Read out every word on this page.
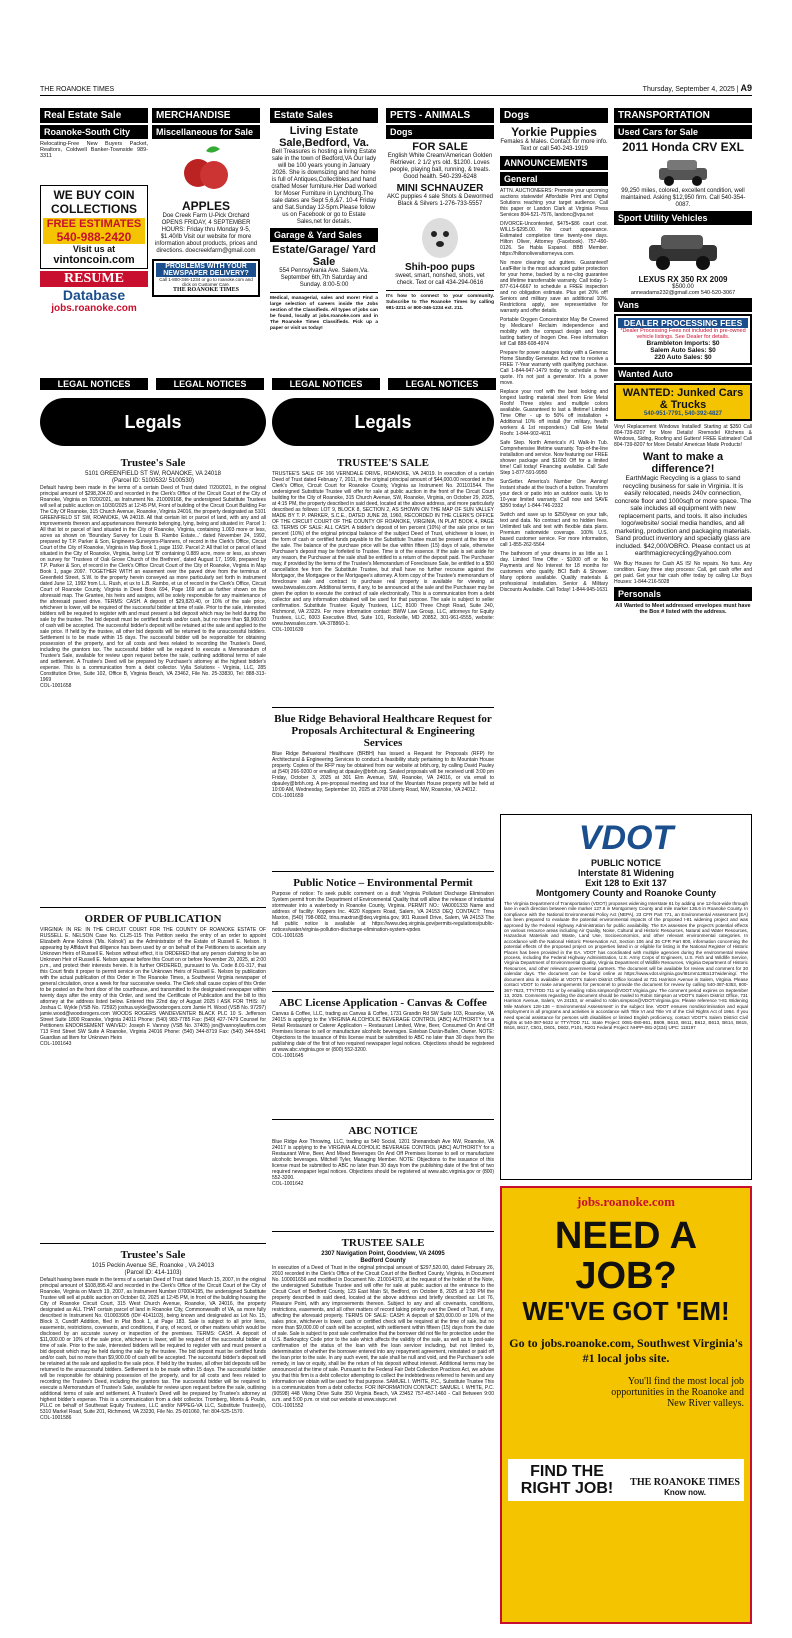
THE ROANOKE TIMES	Thursday, September 4, 2025 | A9
Real Estate Sale
Roanoke-South City
Relocating-Free New Buyers Packet, Realtors, Coldwell Banker-Townside 989-3311
WE BUY COIN
COLLECTIONS
FREE ESTIMATES
540-988-2420
Visit us at
vintoncoin.com
RESUME
Database
jobs.roanoke.com
MERCHANDISE
Miscellaneous for Sale
APPLES
Doe Creek Farm U-Pick Orchard OPENS FRIDAY, 4 SEPTEMBER HOURS: Friday thru Monday 9-5, $1.40/lb Visit our website for more information about products, prices and directions. doecreekfarm@gmail.com
PROBLEMS WITH YOUR NEWSPAPER DELIVERY?
Call 1-800-346-1234 or go to roanoke.com and click on Customer Care.
THE ROANOKE TIMES
Estate Sales
Living Estate Sale,Bedford, Va.
Bell Treasures is hosting a living Estate sale in the town of Bedford,VA Our lady will be 100 years young in January 2026. She is downsizing and her home is full of Antiques,Collectibles,and hand crafted Moser furniture.Her Dad worked for Moser Furniture in Lynchburg.The sale dates are Sept 5,6,&7. 10-4 Friday and Sat.Sunday 12-5pm.Please follow us on Facebook or go to Estate Sales,net for details.
Garage & Yard Sales
Estate/Garage/ Yard Sale
554 Pennsylvania Ave. Salem,Va. September 6th,7th Saturday and Sunday. 8:00-5:00
Medical, managerial, sales and more! Find a large selection of careers inside the Jobs section of the Classifieds. All types of jobs can be found, locally at jobs.roanoke.com and in The Roanoke Times Classifieds. Pick up a paper or visit us today!
PETS - ANIMALS
Dogs
FOR SALE
English White Cream/American Golden Retriever. 2 1/2 yrs old. $1200. Loves people, playing ball, running, & treats. Good health. 540-239-6248
MINI SCHNAUZER
AKC puppies 4 sale Shots & Dewormed Black & Silvers 1-276-733-5557
Shih-poo pups
sweet, smart, nonshed, shots, vet check. Text or call 434-294-0616
It's how to connect to your community. Subscribe to The Roanoke Times by calling 981-3211 or 800-346-1234 ext. 211.
Dogs
Yorkie Puppies
Females & Males. Contact for more info. Text or call 540-243-1919
ANNOUNCEMENTS
General

ATTN. AUCTIONEERS: Promote your upcoming auctions statewide! Affordable Print and Digital Solutions reaching your target audience. Call this paper or Landon Clark at Virginia Press Services 804-521-7576, landonc@vpa.net

DIVORCE-Uncontested, $475+$86 court cost. WILLS-$295.00. No court appearance. Estimated completion time twenty-one days. Hilton Oliver, Attorney (Facebook). 757-490-0126. Se Habla Espanol. BBB Member. https://hiltonoliverattorneyva.com.

No more cleaning out gutters. Guaranteed! LeafFilter is the most advanced gutter protection for your home, backed by a no-clog guarantee and lifetime transferrable warranty. Call today 1-877-614-6667 to schedule a FREE inspection and no obligation estimate. Plus get 20% off! Seniors and military save an additional 10%. Restrictions apply, see representative for warranty and offer details.

Portable Oxygen Concentrator May Be Covered by Medicare! Reclaim independence and mobility with the compact design and long-lasting battery of Inogen One. Free information kit! Call 888-608-4974

Prepare for power outages today with a Generac Home Standby Generator. Act now to receive a FREE 7-Year warranty with qualifying purchase. Call 1-844-947-1479 today to schedule a free quote. It's not just a generator. It's a power move.

Replace your roof with the best looking and longest lasting material steel from Erie Metal Roofs! Three styles and multiple colors available. Guaranteed to last a lifetime! Limited Time Offer - up to 50% off installation + Additional 10% off install (for military, health workers & 1st responders.) Call Erie Metal Roofs: 1-844-902-4611

Safe Step. North America's #1 Walk-In Tub. Comprehensive lifetime warranty. Top-of-the-line installation and service. Now featuring our FREE shower package and $1600 Off for a limited time! Call today! Financing available. Call Safe Step 1-877-591-9950

SunSetter. America's Number One Awning! Instant shade at the touch of a button. Transform your deck or patio into an outdoor oasis. Up to 10-year limited warranty. Call now and SAVE $350 today! 1-844-746-2332

Switch and save up to $250/year on your talk, text and data. No contract and no hidden fees. Unlimited talk and text with flexible data plans. Premium nationwide coverage. 100% U.S. based customer service. For more information, call 1-855-262-5564

The bathroom of your dreams in as little as 1 day. Limited Time Offer - $1000 off or No Payments and No Interest for 18 months for customers who qualify. BCI Bath & Shower. Many options available. Quality materials & professional installation. Senior & Military Discounts Available. Call Today! 1-844-945-1631

TRANSPORTATION
Used Cars for Sale
2011 Honda CRV EXL
99,250 miles, colored, excellent condition, well maintained. Asking $12,950 firm. Call 540-354-0087.
Sport Utility Vehicles
LEXUS RX 350 RX 2009
$500.00
anneadams232@gmail.com 540-520-3067
Vans
DEALER PROCESSING FEES
*Dealer Processing Fees not included in pre-owned vehicle listings. See Dealer for details.
Brambleton Imports: $0
Salem Auto Sales: $0
220 Auto Sales: $0
Wanted Auto
WANTED: Junked Cars & Trucks
540-951-7791, 540-392-4827

Vinyl Replacement Windows Installed! Starting at $350 Call 804-739-8207 for More Details! Rremodel Kitchens & Windows, Siding, Roofing and Gutters! FREE Estimates! Call 804-739-8207 for More Details! American Made Products!

Want to make a difference?!
EarthMagic Recycling is a glass to sand recycling business for sale in Virginia. It is easily relocated, needs 240v connection, concrete floor and 1000sqft or more space. The sale includes all equipment with new replacement parts, and tools. It also includes logo/website/ social media handles, and all marketing, production and packaging materials. Sand product inventory and specialty glass are included. $42,000/OBRO. Please contact us at earthmagicrecycling@yahoo.com

We Buy Houses for Cash AS IS! No repairs. No fuss. Any condition. Easy three step process: Call, get cash offer and get paid. Get your fair cash offer today by calling Liz Buys Houses: 1-844-216-5028

Personals
All Wanted to Meet addressed envelopes must have the Box # listed with the address.
LEGAL NOTICES	LEGAL NOTICES	LEGAL NOTICES	LEGAL NOTICES
Legals	Legals
Trustee's Sale
5101 GREENFIELD ST SW, ROANOKE, VA 24018
(Parcel ID: 5100532/ 5100530)

Default having been made in the terms of a certain Deed of Trust dated 7/20/2021, in the original principal amount of $298,204.00 and recorded in the Clerk's Office of the Circuit Court of the City of Roanoke, Virginia on 7/20/2021, as Instrument No. 210009168, the undersigned Substitute Trustees will sell at public auction on 10/30/2025 at 12:45 PM, Front of building of the Circuit Court Building For The City Of Roanoke, 315 Church Avenue, Roanoke, Virginia 24016, the property designated as 5101 GREENFIELD ST SW, ROANOKE, VA 24018. All that certain lot or parcel of land, with any and all improvements thereon and appurtenances thereunto belonging, lying, being and situated in: Parcel 1: All that lot or parcel of land situated in the City of Roanoke, Virginia, containing 1.003 more or less, acres as shown on 'Boundary Survey for Louis B. Rambo Estate...' dated November 24, 1992, prepared by T.P. Parker & Son, Engineers-Surveyors-Planners, of record in the Clerk's Office, Circuit Court of the City of Roanoke, Virginia in Map Book 1, page 1192. Parcel 2: All that lot or parcel of land situated in the City of Roanoke, Virginia, being Lot 'B' containing 0.889 acre, more or less, as shown on survey for 'Trustees of Oak Grove Church of the Brethren', dated August 17, 1999, prepared by T.P. Parker & Son, of record in the Clerk's Office Circuit Court of the City of Roanoke, Virginia in Map Book 1, page 2097. TOGETHER WITH an easement over the paved drive from the terminus of Greenfield Street, S.W. to the property herein conveyed as more particularly set forth in instrument dated June 12, 1992 from L.L. Rush, et ux to L.B. Rambo, et ux of record in the Clerk's Office, Circuit Court of Roanoke County, Virginia in Deed Book 694, Page 169 and as further shown on the aforesaid map. The Grantee, his heirs and assigns, will be solely responsible for any maintenance of the aforesaid paved drive. TERMS: CASH. A deposit of $29,820.40, or 10% of the sale price, whichever is lower, will be required of the successful bidder at time of sale. Prior to the sale, interested bidders will be required to register with and must present a bid deposit which may be held during the sale by the trustee. The bid deposit must be certified funds and/or cash, but no more than $9,900.00 of cash will be accepted. The successful bidder's deposit will be retained at the sale and applied to the sale price. If held by the trustee, all other bid deposits will be returned to the unsuccessful bidders. Settlement is to be made within 15 days. The successful bidder will be responsible for obtaining possession of the property, and for all costs and fees related to recording the Trustee's Deed, including the grantors tax. The successful bidder will be required to execute a Memorandum of Trustee's Sale, available for review upon request before the sale, outlining additional terms of sale and settlement. A Trustee's Deed will be prepared by Purchaser's attorney at the highest bidder's expense. This is a communication from a debt collector. Vylla Solutions - Virginia, LLC, 285 Constitution Drive, Suite 102, Office B, Virginia Beach, VA 23462, File No. 25-33830, Tel: 888-313-1969

COL-1001658

ORDER OF PUBLICATION

VIRGINIA: IN RE: IN THE CIRCUIT COURT FOR THE COUNTY OF ROANOKE ESTATE OF RUSSELL E. NELSON Case No. CL25-115 This Petition seeks the entry of an order to appoint Elizabeth Anne Kolnok ('Ms. Kolnok') as the Administrator of the Estate of Russell E. Nelson. It appearing by Affidavit that diligence has been used by or on behalf of the Petitioners to ascertain any Unknown Heirs of Russell E. Nelson without effect, it is ORDERED that any person claiming to be an Unknown Heir of Russell E. Nelson appear before this Court on or before November 20, 2025, at 2:00 p.m., and protect their interests herein. It is further ORDERED, pursuant to Va. Code 8.01-317, that this Court finds it proper to permit service on the Unknown Heirs of Russell E. Nelson by publication with the actual publication of this Order in The Roanoke Times, a Southwest Virginia newspaper of general circulation, once a week for four successive weeks. The Clerk shall cause copies of this Order to be posted on the front door of the courthouse, and transmitted to the designated newspaper within twenty days after the entry of this Order, and send the Certificate of Publication and the bill to this attorney at the address listed below. Entered this 22nd day of August 2025 I ASK FOR THIS: /s/ Joshua C. Wykle (VSB No. 72592) joshua.wykle@woodsrogers.com Jamie H. Wood (VSB No. 97297) jamie.wood@woodsrogers.com WOODS ROGERS VANDEVENTER BLACK PLC 10 S. Jefferson Street Suite 1800 Roanoke, Virginia 24011 Phone: (540) 983-7785 Fax: (540) 427-7479 Counsel for Petitioners ENDORSEMENT WAIVED: Joseph F. Vannoy (VSB No. 37405) jon@vannoylawfirm.com 713 First Street SW Suite A Roanoke, Virginia 24016 Phone: (540) 344-8719 Fax: (540) 344-5541 Guardian ad litem for Unknown Heirs

COL-1001643

Trustee's Sale
1015 Peckin Avenue SE, Roanoke , VA 24013
(Parcel ID: 414-1103)

Default having been made in the terms of a certain Deed of Trust dated March 15, 2007, in the original principal amount of $108,895.42 and recorded in the Clerk's Office of the Circuit Court of the City of Roanoke, Virginia on March 19, 2007, as Instrument Number 070004195, the undersigned Substitute Trustee will sell at public auction on October 02, 2025 at 12:45 PM, in front of the building housing the City of Roanoke Circuit Court, 315 West Church Avenue, Roanoke, VA 24016, the property designated as ALL THAT certain parcel of land in Roanoke City, Commonwealth of VA, as more fully described in Instrument No. 010003905 (ID# 4141103), being known and designated as Lot No. 15, Block 3, Cundiff Addition, filed in Plat Book 1, at Page 183. Sale is subject to all prior liens, easements, restrictions, covenants, and conditions, if any, of record, or other matters which would be disclosed by an accurate survey or inspection of the premises. TERMS: CASH. A deposit of $11,000.00 or 10% of the sale price, whichever is lower, will be required of the successful bidder at time of sale. Prior to the sale, interested bidders will be required to register with and must present a bid deposit which may be held during the sale by the trustee. The bid deposit must be certified funds and/or cash, but no more than $9,900.00 of cash will be accepted. The successful bidder's deposit will be retained at the sale and applied to the sale price. If held by the trustee, all other bid deposits will be returned to the unsuccessful bidders. Settlement is to be made within 15 days. The successful bidder will be responsible for obtaining possession of the property, and for all costs and fees related to recording the Trustee's Deed, including the grantors tax. The successful bidder will be required to execute a Memorandum of Trustee's Sale, available for review upon request before the sale, outlining additional terms of sale and settlement. A Trustee's Deed will be prepared by Trustee's attorney at highest bidder's expense. This is a communication from a debt collector. Tromberg, Morris & Poulin, PLLC on behalf of Southeast Equity Trustees, LLC and/or NPPEG-VA LLC, Substitute Trustee(s), 5310 Markel Road, Suite 201, Richmond, VA 23230, File No. 25-001060, Tel: 804-525-1570.

COL-1001586

TRUSTEE'S SALE

TRUSTEE'S SALE OF 166 VERNDALE DRIVE, ROANOKE, VA 24019. In execution of a certain Deed of Trust dated February 7, 2011, in the original principal amount of $44,000.00 recorded in the Clerk's Office, Circuit Court for Roanoke County, Virginia as Instrument No. 201101544. The undersigned Substitute Trustee will offer for sale at public auction in the front of the Circuit Court building for the City of Roanoke, 315 Church Avenue, SW, Roanoke, Virginia, on October 29, 2025, at 4:15 PM, the property described in said deed, located at the above address, and more particularly described as follows: LOT 9, BLOCK 8, SECTION 2, AS SHOWN ON THE MAP OF SUN VALLEY MADE BY T. P. PARKER, S.C.E., DATED JUNE 28, 1960, RECORDED IN THE CLERK'S OFFICE OF THE CIRCUIT COURT OF THE COUNTY OF ROANOKE, VIRGINIA, IN PLAT BOOK 4, PAGE 63. TERMS OF SALE: ALL CASH. A bidder's deposit of ten percent (10%) of the sale price or ten percent (10%) of the original principal balance of the subject Deed of Trust, whichever is lower, in the form of cash or certified funds payable to the Substitute Trustee must be present at the time of the sale. The balance of the purchase price will be due within fifteen (15) days of sale, otherwise Purchaser's deposit may be forfeited to Trustee. Time is of the essence. If the sale is set aside for any reason, the Purchaser at the sale shall be entitled to a return of the deposit paid. The Purchaser may, if provided by the terms of the Trustee's Memorandum of Foreclosure Sale, be entitled to a $50 cancellation fee from the Substitute Trustee, but shall have no further recourse against the Mortgagor, the Mortgagee or the Mortgagee's attorney. A form copy of the Trustee's memorandum of foreclosure sale and contract to purchase real property is available for viewing at www.bwwsales.com. Additional terms, if any, to be announced at the sale and the Purchaser may be given the option to execute the contract of sale electronically. This is a communication from a debt collector and any information obtained will be used for that purpose. The sale is subject to seller confirmation. Substitute Trustee: Equity Trustees, LLC, 8100 Three Chopt Road, Suite 240, Richmond, VA 23229. For more information contact: BWW Law Group, LLC, attorneys for Equity Trustees, LLC, 6003 Executive Blvd, Suite 101, Rockville, MD 20852, 301-961-6555, website: www.bwwsales.com. VA-378860-1.

COL-1001639

Blue Ridge Behavioral Healthcare Request for Proposals Architectural & Engineering Services

Blue Ridge Behavioral Healthcare (BRBH) has issued a Request for Proposals (RFP) for Architectural & Engineering Services to conduct a feasibility study pertaining to its Mountain House property. Copies of the RFP may be obtained from our website at brbh.org, by calling David Pauley at (540) 266-9200 or emailing at dpauley@brbh.org. Sealed proposals will be received until 3:00 pm Friday, October 3, 2025 at 301 Elm Avenue, SW, Roanoke, VA 24016, or via email to dpauley@brbh.org. A pre-proposal meeting and tour of the Mountain House property will be held at 10:00 AM, Wednesday, September 10, 2025 at 2708 Liberty Road, NW, Roanoke, VA 24012.

COL-1001659

Public Notice – Environmental Permit

Purpose of notice: To seek public comment on a draft Virginia Pollutant Discharge Elimination System permit from the Department of Environmental Quality that will allow the release of industrial stormwater into a waterbody in Roanoke County, Virginia. PERMIT NO.: VA0001333 Name and address of facility: Koppers Inc. 4020 Koppers Road, Salem, VA 24153 DEQ CONTACT: Trina Maxton, (540) 798-0802, trina.maxtran@deq.virginia.gov, 901 Russell Drive, Salem, VA 24153 The full public notice is available at https://www.deq.virginia.gov/permits-regulations/public-notices/water/virginia-pollution-discharge-elimination-system-vpdes

COL-1001635

ABC License Application - Canvas & Coffee

Canvas & Coffee, LLC, trading as Canvas & Coffee, 1731 Grandin Rd SW Suite 103, Roanoke, VA 24015 is applying to the VIRGINIA ALCOHOLIC BEVERAGE CONTROL (ABC) AUTHORITY for a Retail Restaurant or Caterer Application – Restaurant Limited, Wine, Beer, Consumed On And Off Premises license to sell or manufacture alcoholic beverages. Esteban Durán-Ballen, Owner. NOTE: Objections to the issuance of this license must be submitted to ABC no later than 30 days from the publishing date of the first of two required newspaper legal notices. Objections should be registered at www.abc.virginia.gov or (800) 552-3200.

COL-1001645

ABC NOTICE

Blue Ridge Axe Throwing, LLC, trading as 540 Social, 1201 Shenandoah Ave NW, Roanoke, VA 24017 is applying to the VIRGINIA ALCOHOLIC BEVERAGE CONTROL (ABC) AUTHORITY for a Restaurant Wine, Beer, And Mixed Beverages On And Off Premises license to sell or manufacture alcoholic beverages. Mitchell Tyler, Managing Member. NOTE: Objections to the issuance of this license must be submitted to ABC no later than 30 days from the publishing date of the first of two required newspaper legal notices. Objections should be registered at www.abc.virginia.gov or (800) 552-3200.

COL-1001642

TRUSTEE SALE
2307 Navigation Point, Goodview, VA 24095
Bedford County

In execution of a Deed of Trust in the original principal amount of $297,520.00, dated February 26, 2010 recorded in the Clerk's Office of the Circuit Court of the Bedford County, Virginia, in Document No. 100001656 and modified in Document No. 210014370, at the request of the holder of the Note, the undersigned Substitute Trustee and will offer for sale at public auction at the entrance to the Circuit Court of Bedford County, 123 East Main St, Bedford, on October 8, 2025 at 1:30 PM the property described in said deed, located at the above address and briefly described as: Lot 76, Pleasure Point, with any improvements thereon. Subject to any and all covenants, conditions, restrictions, easements, and all other matters of record taking priority over the Deed of Trust, if any, affecting the aforesaid property. TERMS OF SALE: CASH: A deposit of $20,000.00 or 10% of the sales price, whichever is lower, cash or certified check will be required at the time of sale, but no more than $9,000.00 of cash will be accepted, with settlement within fifteen (15) days from the date of sale. Sale is subject to post sale confirmation that the borrower did not file for protection under the U.S. Bankruptcy Code prior to the sale which affects the validity of the sale, as well as to post-sale confirmation of the status of the loan with the loan servicer including, but not limited to, determination of whether the borrower entered into any repayment agreement, reinstated or paid off the loan prior to the sale. In any such event, the sale shall be null and void, and the Purchaser's sole remedy, in law or equity, shall be the return of his deposit without interest. Additional terms may be announced at the time of sale. Pursuant to the Federal Fair Debt Collection Practices Act, we advise you that this firm is a debt collector attempting to collect the indebtedness referred to herein and any information we obtain will be used for that purpose. SAMUEL I. WHITE, P.C., Substitute Trustee This is a communication from a debt collector. FOR INFORMATION CONTACT: SAMUEL I. WHITE, P.C. (90598) 448 Viking Drive Suite 350 Virginia Beach, VA 23452 757-457-1460 - Call Between 9:00 a.m. and 5:00 p.m. or visit our website at www.siwpc.net

COL-1001552

VDOT
PUBLIC NOTICE
Interstate 81 Widening
Exit 128 to Exit 137
Montgomery County and Roanoke County

The Virginia Department of Transportation (VDOT) proposes widening Interstate 81 by adding one 12-foot-wide through lane in each direction between mile marker 127.8 in Montgomery County and mile marker 136.6 in Roanoke County. In compliance with the National Environmental Policy Act (NEPA), 23 CFR Part 771, an Environmental Assessment (EA) has been prepared to evaluate the potential environmental impacts of the proposed I-81 widening project and was approved by the Federal Highway Administration for public availability. The EA assesses the project's potential effects on various resource areas including Air Quality, Noise, Cultural and Historic Resources, Natural and Water Resources, Hazardous Materials and Waste, Land Use, Socioeconomics, and other relevant environmental categories. In accordance with the National Historic Preservation Act, Section 106 and 36 CFR Part 800, information concerning the potential effects of the proposed project on properties listed in or eligible for listing in the National Register of Historic Places has been provided in the EA. VDOT has coordinated with multiple agencies during the environmental review process, including the Federal Highway Administration, U.S. Army Corps of Engineers, U.S. Fish and Wildlife Service, Virginia Department of Environmental Quality, Virginia Department of Wildlife Resources, Virginia Department of Historic Resources, and other relevant governmental partners. The document will be available for review and comment for 30 calendar days. The document can be found online at https://www.vdot.virginia.gov/I81mm128to137widening/. The document also is available at VDOT's Salem District Office located at 731 Harrison Avenue in Salem, Virginia. Please contact VDOT to make arrangements for personnel to provide the document for review by calling 540-387-5353, 800-367-7623, TTY/TDD 711 or by emailing robin.simpson@VDOT.Virginia.gov. The comment period expires on September 13, 2025. Comments regarding the document should be mailed to Robin Simpson at VDOT's Salem District Office, 731 Harrison Avenue, Salem, VA 24153, or emailed to robin.simpson@VDOT.Virginia.gov. Please reference 'I-81 Widening Mile Markers 128-136 – Environmental Assessment' in the subject line. VDOT ensures nondiscrimination and equal employment in all programs and activities in accordance with Title VI and Title VII of the Civil Rights Act of 1964. If you need special assistance for persons with disabilities or limited English proficiency, contact VDOT's Salem District Civil Rights at 540-387-5632 or TTY/TDD 711. State Project: 0081-080-861, B609, B610, B611, B612, B613, B614, B615, B616, B617, C501, D601, D602, P101, R201 Federal Project: NHPP-081-2(334) UPC: 118197

jobs.roanoke.com
NEED A JOB?
WE'VE GOT 'EM!
Go to jobs.roanoke.com, Southwest Virginia's #1 local jobs site.
You'll find the most local job opportunities in the Roanoke and New River valleys.
FIND THE RIGHT JOB!	THE ROANOKE TIMES
Know now.
